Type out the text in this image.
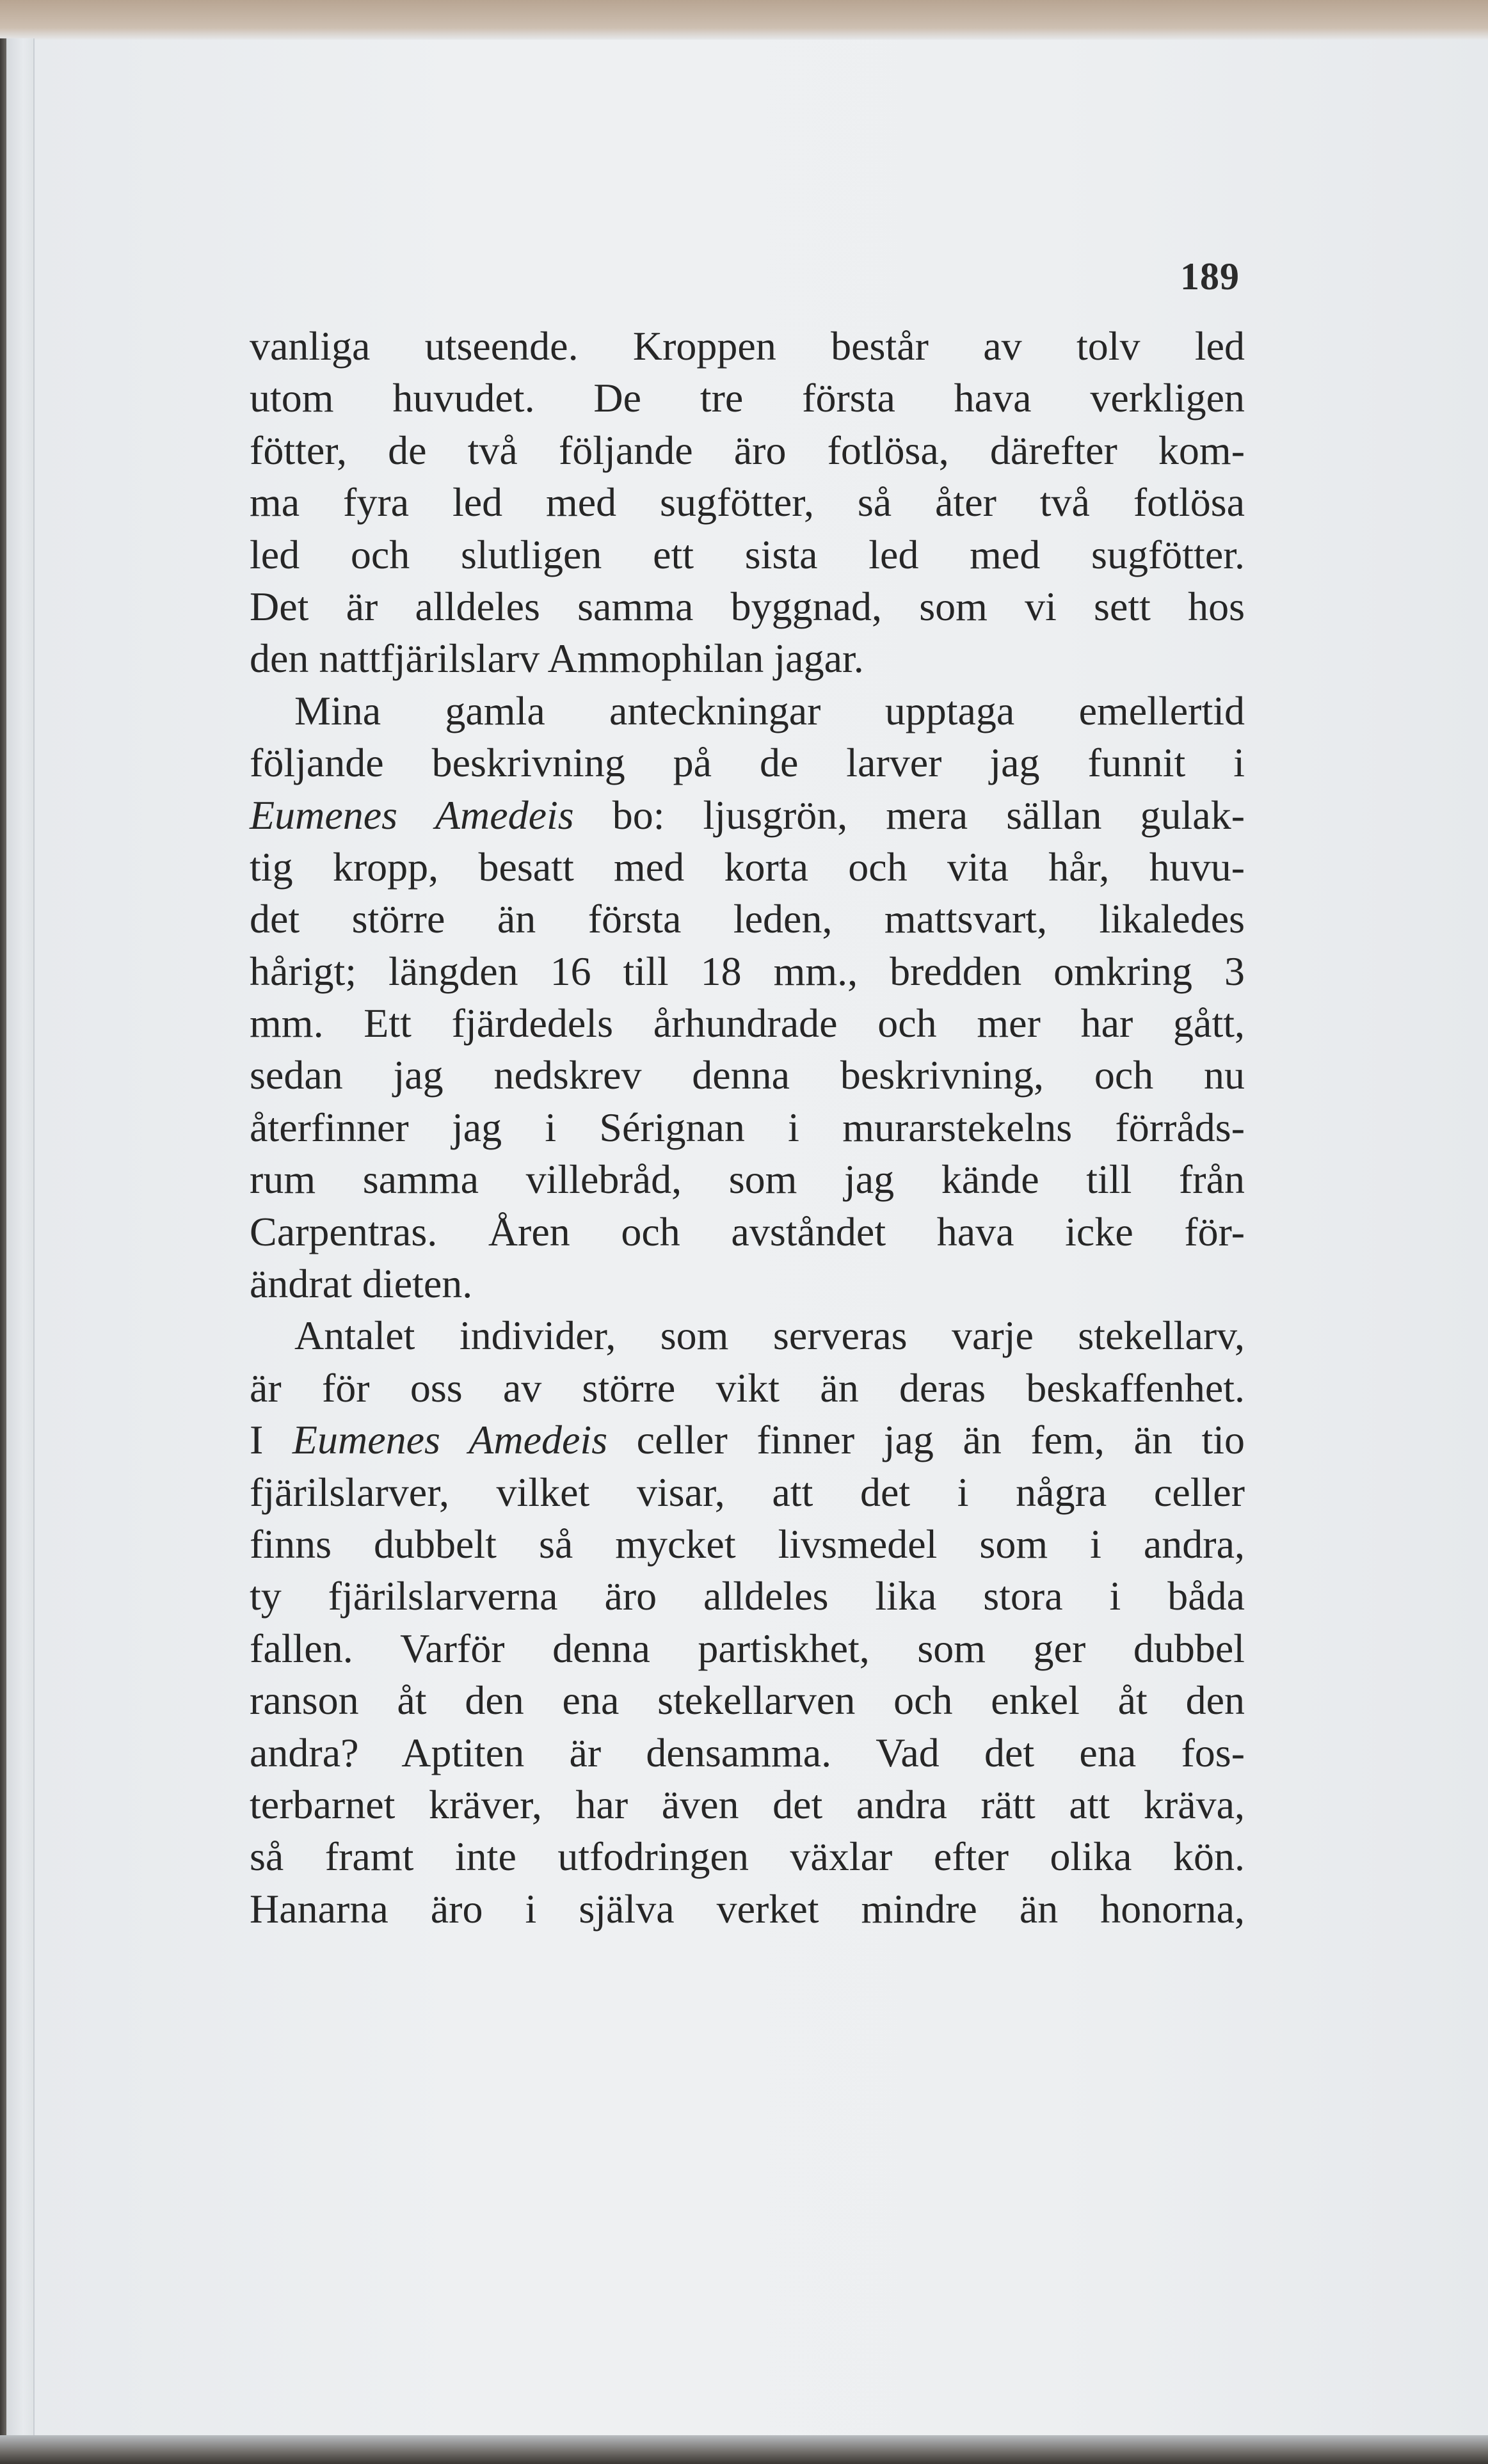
189
vanliga utseende. Kroppen består av tolv led
utom huvudet. De tre första hava verkligen
fötter, de två följande äro fotlösa, därefter kom-
ma fyra led med sugfötter, så åter två fotlösa
led och slutligen ett sista led med sugfötter.
Det är alldeles samma byggnad, som vi sett hos
den nattfjärilslarv Ammophilan jagar.
Mina gamla anteckningar upptaga emellertid
följande beskrivning på de larver jag funnit i
Eumenes Amedeis bo: ljusgrön, mera sällan gulak-
tig kropp, besatt med korta och vita hår, huvu-
det större än första leden, mattsvart, likaledes
hårigt; längden 16 till 18 mm., bredden omkring 3
mm. Ett fjärdedels århundrade och mer har gått,
sedan jag nedskrev denna beskrivning, och nu
återfinner jag i Sérignan i murarstekelns förråds-
rum samma villebråd, som jag kände till från
Carpentras. Åren och avståndet hava icke för-
ändrat dieten.
Antalet individer, som serveras varje stekellarv,
är för oss av större vikt än deras beskaffenhet.
I Eumenes Amedeis celler finner jag än fem, än tio
fjärilslarver, vilket visar, att det i några celler
finns dubbelt så mycket livsmedel som i andra,
ty fjärilslarverna äro alldeles lika stora i båda
fallen. Varför denna partiskhet, som ger dubbel
ranson åt den ena stekellarven och enkel åt den
andra? Aptiten är densamma. Vad det ena fos-
terbarnet kräver, har även det andra rätt att kräva,
så framt inte utfodringen växlar efter olika kön.
Hanarna äro i själva verket mindre än honorna,
